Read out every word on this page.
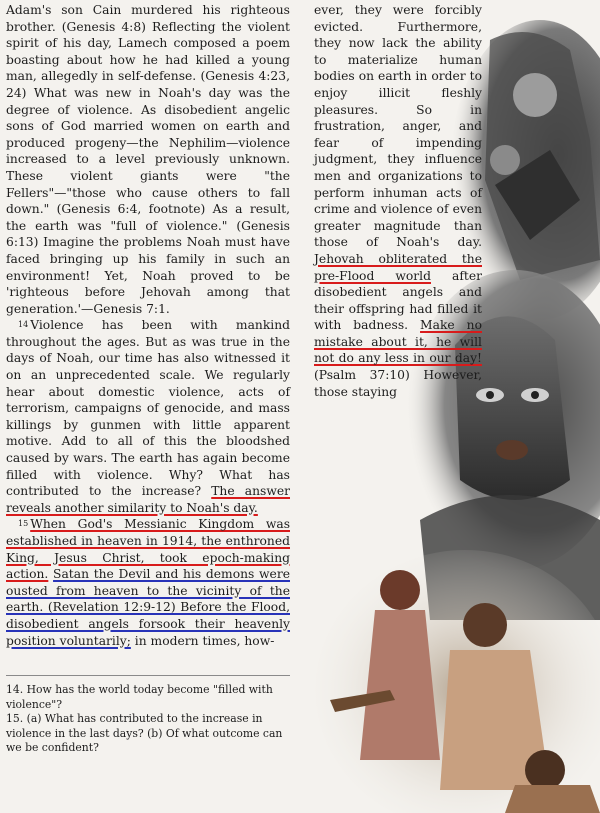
Adam's son Cain murdered his righteous brother. (Genesis 4:8) Reflecting the violent spirit of his day, Lamech composed a poem boasting about how he had killed a young man, allegedly in self-defense. (Genesis 4:23, 24) What was new in Noah's day was the degree of violence. As disobedient angelic sons of God married women on earth and produced progeny—the Nephilim—violence increased to a level previously unknown. These violent giants were "the Fellers"—"those who cause others to fall down." (Genesis 6:4, footnote) As a result, the earth was "full of violence." (Genesis 6:13) Imagine the problems Noah must have faced bringing up his family in such an environment! Yet, Noah proved to be 'righteous before Jehovah among that generation.'—Genesis 7:1.

$^{14}$ Violence has been with mankind throughout the ages. But as was true in the days of Noah, our time has also witnessed it on an unprecedented scale. We regularly hear about domestic violence, acts of terrorism, campaigns of genocide, and mass killings by gunmen with little apparent motive. Add to all of this the bloodshed caused by wars. The earth has again become filled with violence. Why? What has contributed to the increase? The answer reveals another similarity to Noah's day.

$^{15}$ When God's Messianic Kingdom was established in heaven in 1914, the enthroned King, Jesus Christ, took epoch-making action. Satan the Devil and his demons were ousted from heaven to the vicinity of the earth. (Revelation 12:9-12) Before the Flood, disobedient angels forsook their heavenly position voluntarily; in modern times, how-

14. How has the world today become "filled with violence"?

15. (a) What has contributed to the increase in violence in the last days? (b) Of what outcome can we be confident?

ever, they were forcibly evicted. Furthermore, they now lack the ability to materialize human bodies on earth in order to enjoy illicit fleshly pleasures. So in frustration, anger, and fear of impending judgment, they influence men and organizations to perform inhuman acts of crime and violence of even greater magnitude than those of Noah's day. Jehovah obliterated the pre-Flood world after disobedient angels and their offspring had filled it with badness. Make no mistake about it, he will not do any less in our day! (Psalm 37:10) However, those staying
